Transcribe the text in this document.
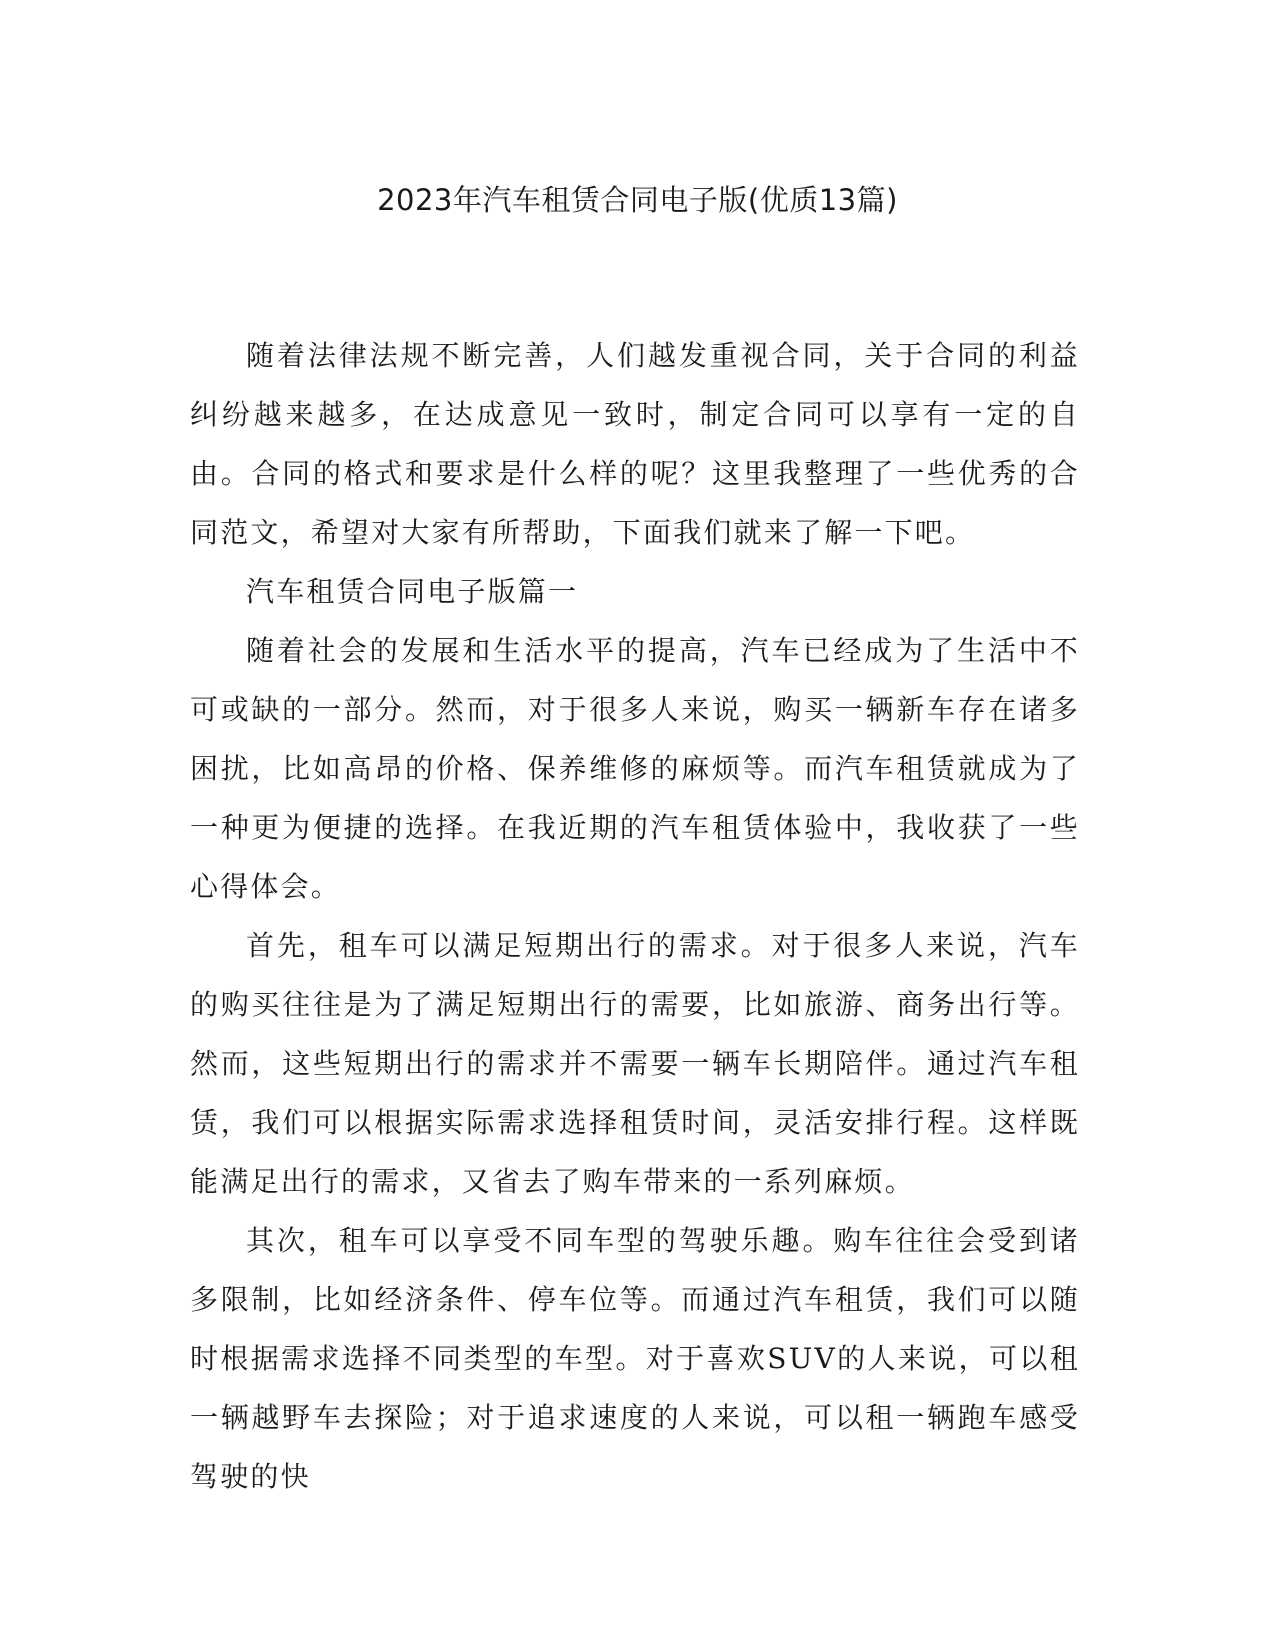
2023年汽车租赁合同电子版(优质13篇)

随着法律法规不断完善，人们越发重视合同，关于合同的利益纠纷越来越多，在达成意见一致时，制定合同可以享有一定的自由。合同的格式和要求是什么样的呢？这里我整理了一些优秀的合同范文，希望对大家有所帮助，下面我们就来了解一下吧。

汽车租赁合同电子版篇一

随着社会的发展和生活水平的提高，汽车已经成为了生活中不可或缺的一部分。然而，对于很多人来说，购买一辆新车存在诸多困扰，比如高昂的价格、保养维修的麻烦等。而汽车租赁就成为了一种更为便捷的选择。在我近期的汽车租赁体验中，我收获了一些心得体会。

首先，租车可以满足短期出行的需求。对于很多人来说，汽车的购买往往是为了满足短期出行的需要，比如旅游、商务出行等。然而，这些短期出行的需求并不需要一辆车长期陪伴。通过汽车租赁，我们可以根据实际需求选择租赁时间，灵活安排行程。这样既能满足出行的需求，又省去了购车带来的一系列麻烦。

其次，租车可以享受不同车型的驾驶乐趣。购车往往会受到诸多限制，比如经济条件、停车位等。而通过汽车租赁，我们可以随时根据需求选择不同类型的车型。对于喜欢SUV的人来说，可以租一辆越野车去探险；对于追求速度的人来说，可以租一辆跑车感受驾驶的快
